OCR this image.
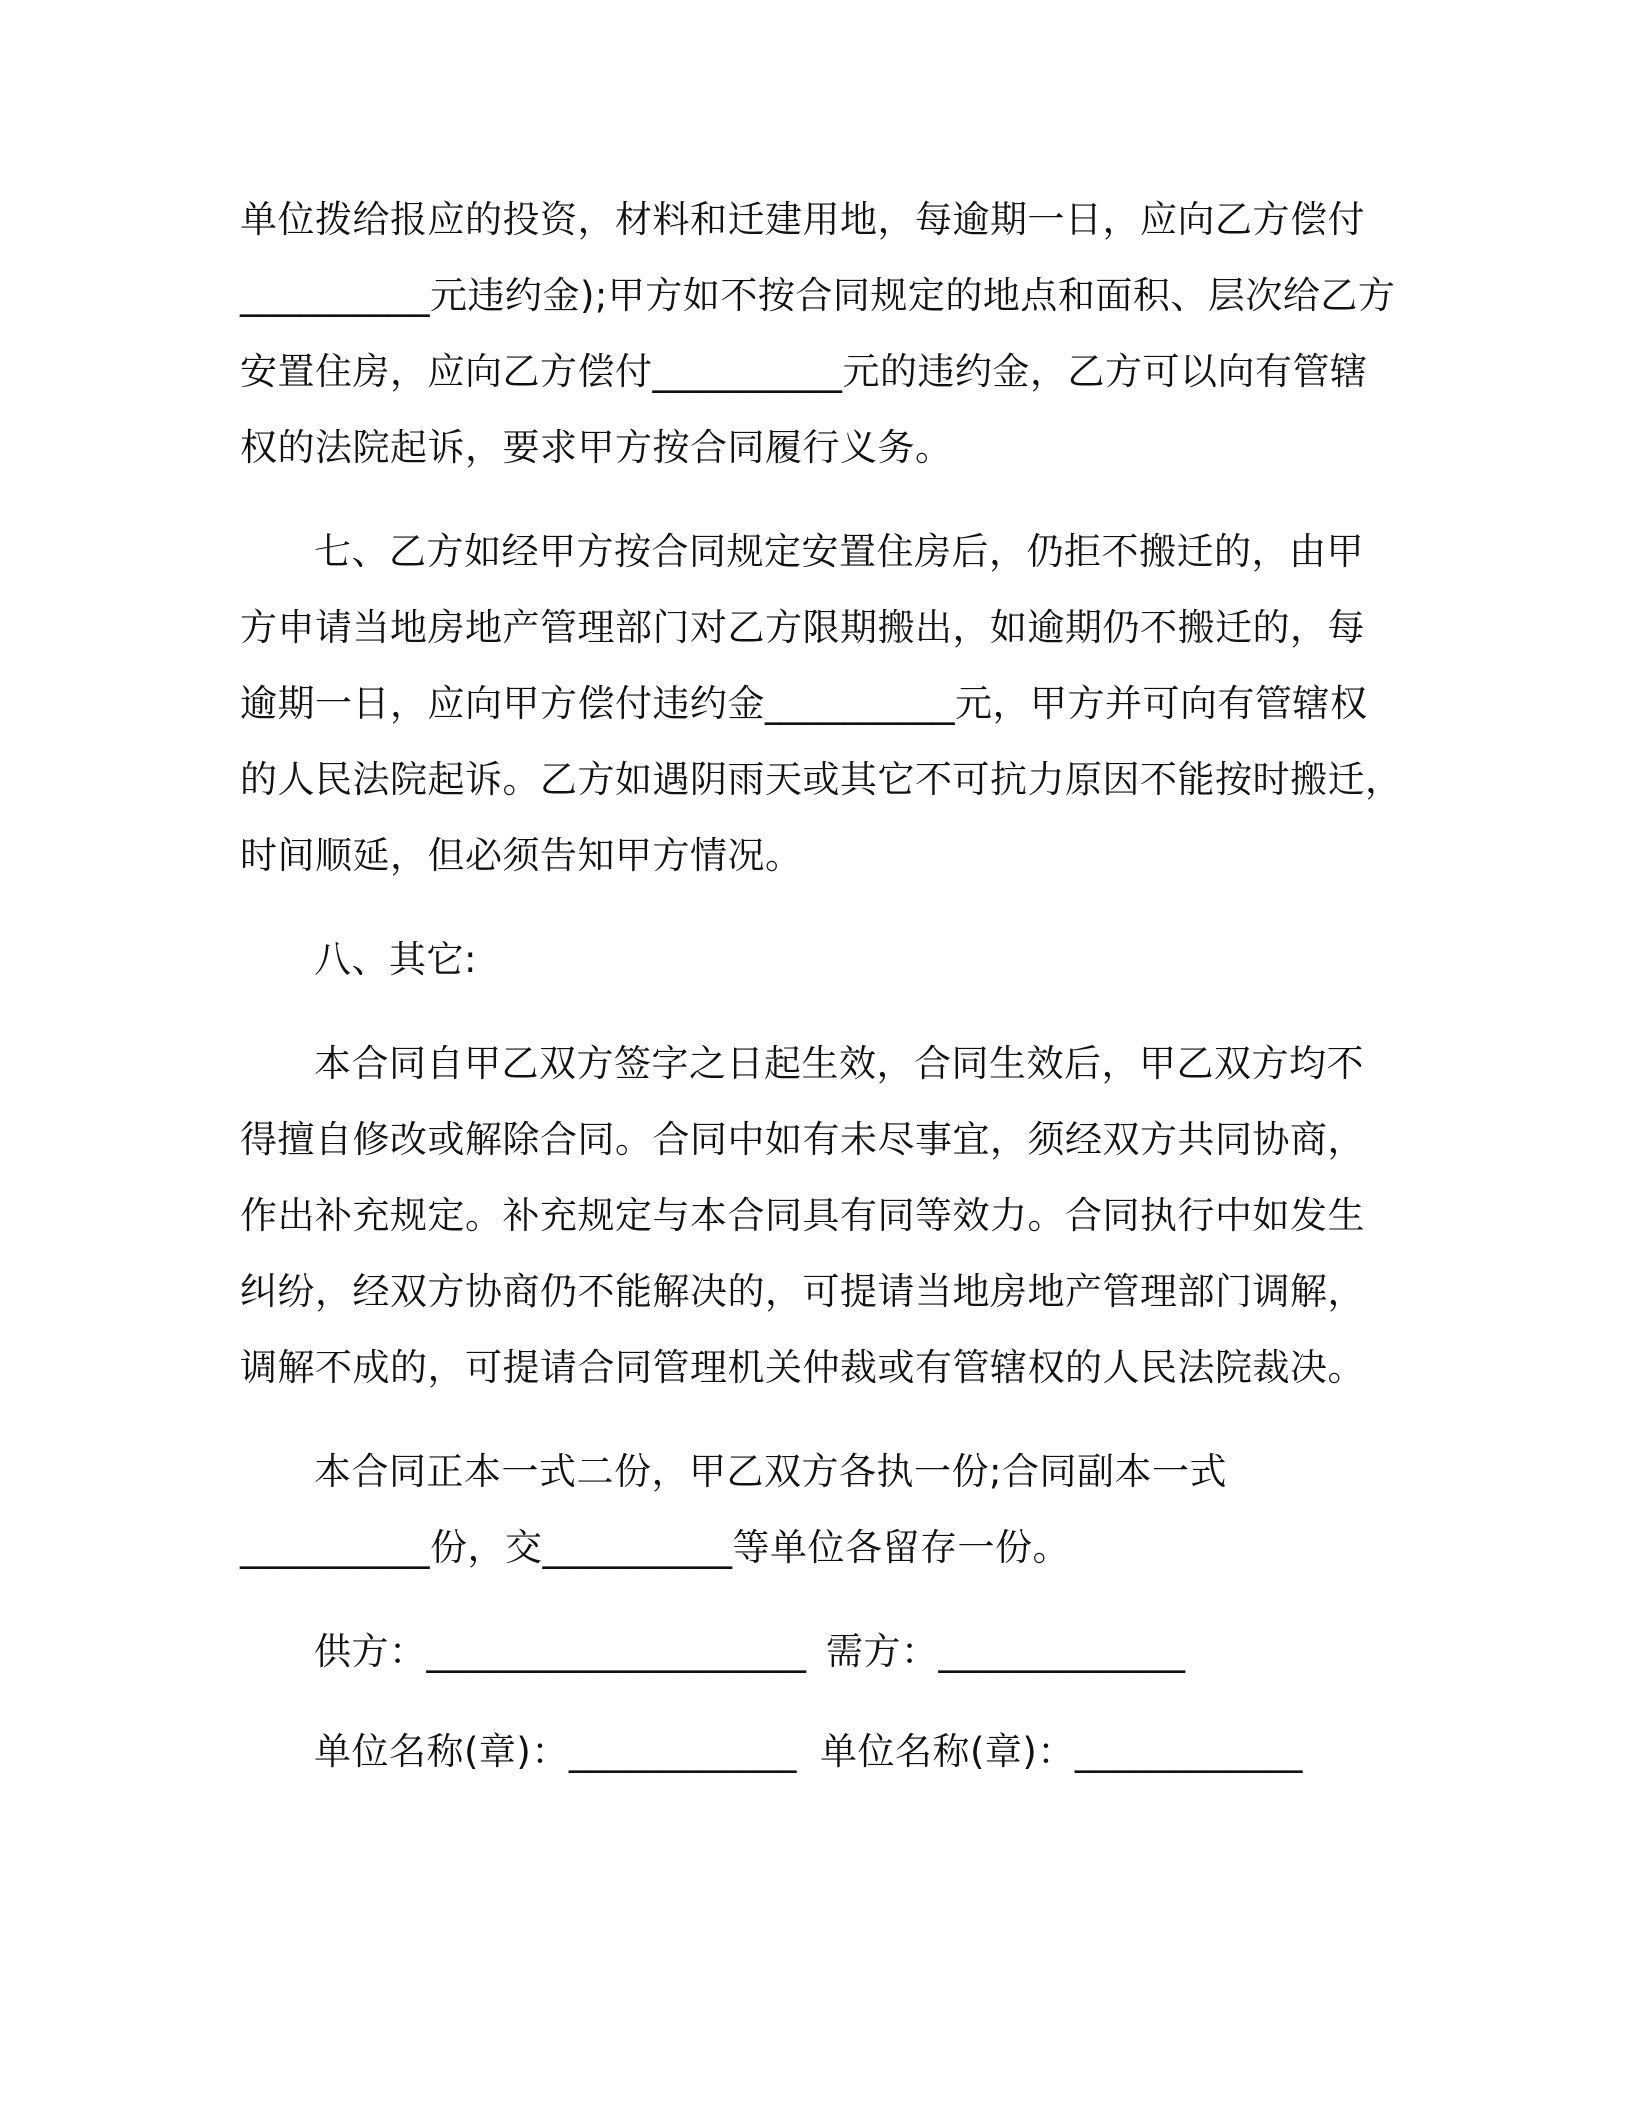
单位拨给报应的投资，材料和迁建用地，每逾期一日，应向乙方偿付
__________元违约金);甲方如不按合同规定的地点和面积、层次给乙方
安置住房，应向乙方偿付__________元的违约金，乙方可以向有管辖
权的法院起诉，要求甲方按合同履行义务。
七、乙方如经甲方按合同规定安置住房后，仍拒不搬迁的，由甲
方申请当地房地产管理部门对乙方限期搬出，如逾期仍不搬迁的，每
逾期一日，应向甲方偿付违约金__________元，甲方并可向有管辖权
的人民法院起诉。乙方如遇阴雨天或其它不可抗力原因不能按时搬迁，
时间顺延，但必须告知甲方情况。
八、其它:
本合同自甲乙双方签字之日起生效，合同生效后，甲乙双方均不
得擅自修改或解除合同。合同中如有未尽事宜，须经双方共同协商，
作出补充规定。补充规定与本合同具有同等效力。合同执行中如发生
纠纷，经双方协商仍不能解决的，可提请当地房地产管理部门调解，
调解不成的，可提请合同管理机关仲裁或有管辖权的人民法院裁决。
本合同正本一式二份，甲乙双方各执一份;合同副本一式
__________份，交__________等单位各留存一份。
供方：____________________ 需方：_____________
单位名称(章)：____________ 单位名称(章)：____________
